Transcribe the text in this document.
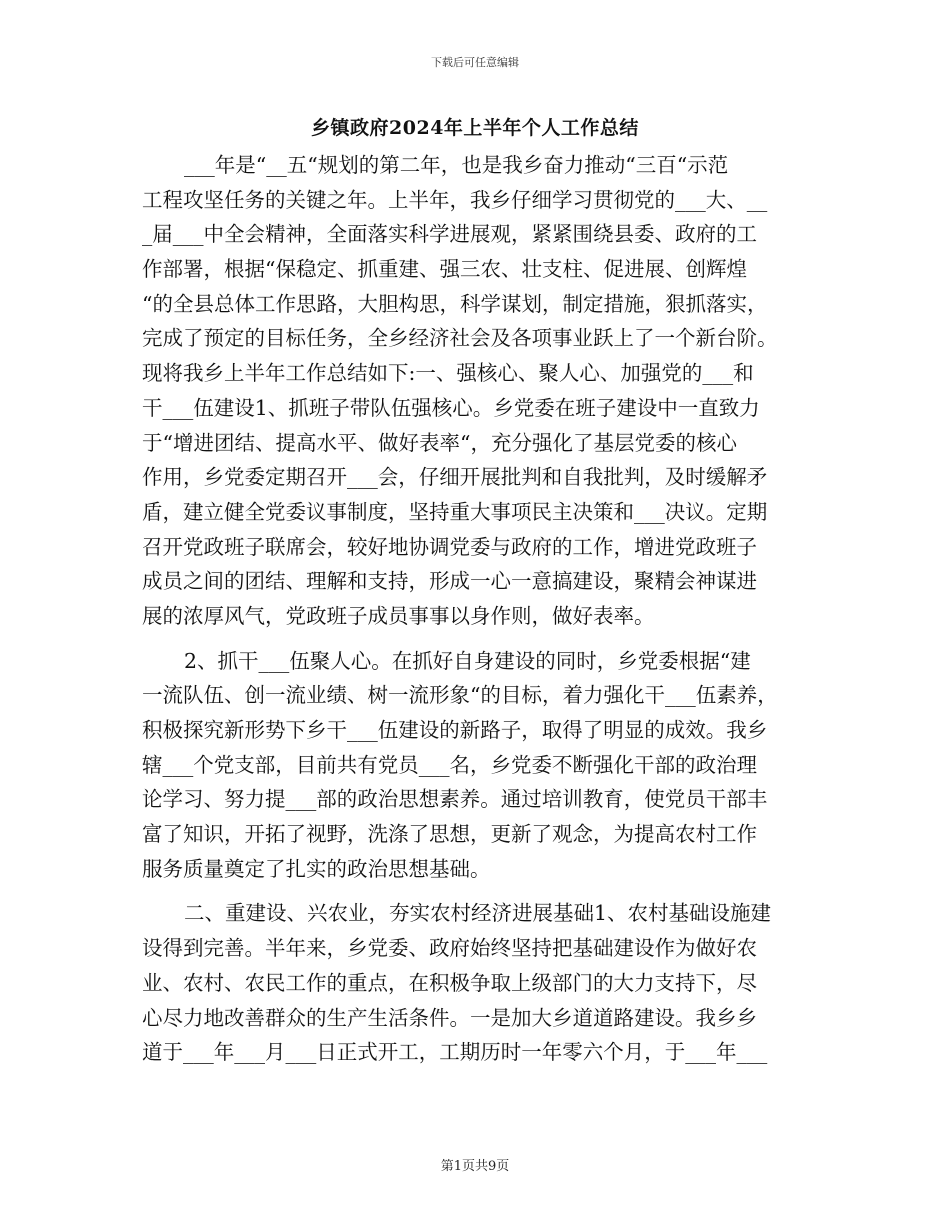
下载后可任意编辑
乡镇政府2024年上半年个人工作总结
___年是“__五“规划的第二年，也是我乡奋力推动“三百“示范
工程攻坚任务的关键之年。上半年，我乡仔细学习贯彻党的___大、__
_届___中全会精神，全面落实科学进展观，紧紧围绕县委、政府的工
作部署，根据“保稳定、抓重建、强三农、壮支柱、促进展、创辉煌
“的全县总体工作思路，大胆构思，科学谋划，制定措施，狠抓落实，
完成了预定的目标任务，全乡经济社会及各项事业跃上了一个新台阶。
现将我乡上半年工作总结如下:一、强核心、聚人心、加强党的___和
干___伍建设1、抓班子带队伍强核心。乡党委在班子建设中一直致力
于“增进团结、提高水平、做好表率“，充分强化了基层党委的核心
作用，乡党委定期召开___会，仔细开展批判和自我批判，及时缓解矛
盾，建立健全党委议事制度，坚持重大事项民主决策和___决议。定期
召开党政班子联席会，较好地协调党委与政府的工作，增进党政班子
成员之间的团结、理解和支持，形成一心一意搞建设，聚精会神谋进
展的浓厚风气，党政班子成员事事以身作则，做好表率。
2、抓干___伍聚人心。在抓好自身建设的同时，乡党委根据“建
一流队伍、创一流业绩、树一流形象“的目标，着力强化干___伍素养，
积极探究新形势下乡干___伍建设的新路子，取得了明显的成效。我乡
辖___个党支部，目前共有党员___名，乡党委不断强化干部的政治理
论学习、努力提___部的政治思想素养。通过培训教育，使党员干部丰
富了知识，开拓了视野，洗涤了思想，更新了观念，为提高农村工作
服务质量奠定了扎实的政治思想基础。
二、重建设、兴农业，夯实农村经济进展基础1、农村基础设施建
设得到完善。半年来，乡党委、政府始终坚持把基础建设作为做好农
业、农村、农民工作的重点，在积极争取上级部门的大力支持下，尽
心尽力地改善群众的生产生活条件。一是加大乡道道路建设。我乡乡
道于___年___月___日正式开工，工期历时一年零六个月，于___年___
第1页共9页
